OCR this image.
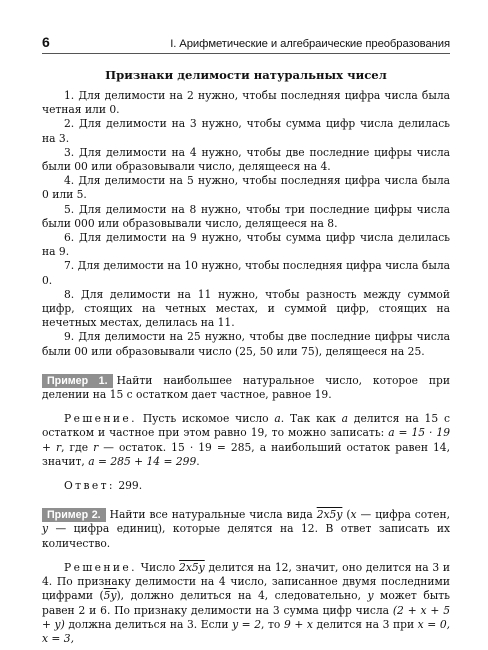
6	I. Арифметические и алгебраические преобразования
Признаки делимости натуральных чисел

1. Для делимости на 2 нужно, чтобы последняя цифра числа была четная или 0.

2. Для делимости на 3 нужно, чтобы сумма цифр числа делилась на 3.

3. Для делимости на 4 нужно, чтобы две последние цифры числа были 00 или образовывали число, делящееся на 4.

4. Для делимости на 5 нужно, чтобы последняя цифра числа была 0 или 5.

5. Для делимости на 8 нужно, чтобы три последние цифры числа были 000 или образовывали число, делящееся на 8.

6. Для делимости на 9 нужно, чтобы сумма цифр числа делилась на 9.

7. Для делимости на 10 нужно, чтобы последняя цифра числа была 0.

8. Для делимости на 11 нужно, чтобы разность между суммой цифр, стоящих на четных местах, и суммой цифр, стоящих на нечетных местах, делилась на 11.

9. Для делимости на 25 нужно, чтобы две последние цифры числа были 00 или образовывали число (25, 50 или 75), делящееся на 25.

Пример 1. Найти наибольшее натуральное число, которое при делении на 15 с остатком дает частное, равное 19.

Решение. Пусть искомое число a. Так как a делится на 15 с остатком и частное при этом равно 19, то можно записать: a = 15 · 19 + r, где r — остаток. 15 · 19 = 285, а наибольший остаток равен 14, значит, a = 285 + 14 = 299.

Ответ: 299.

Пример 2. Найти все натуральные числа вида 2x5y (x — цифра сотен, y — цифра единиц), которые делятся на 12. В ответ записать их количество.

Решение. Число 2x5y делится на 12, значит, оно делится на 3 и 4. По признаку делимости на 4 число, записанное двумя последними цифрами (5y), должно делиться на 4, следовательно, y может быть равен 2 и 6. По признаку делимости на 3 сумма цифр числа (2 + x + 5 + y) должна делиться на 3. Если y = 2, то 9 + x делится на 3 при x = 0, x = 3,
